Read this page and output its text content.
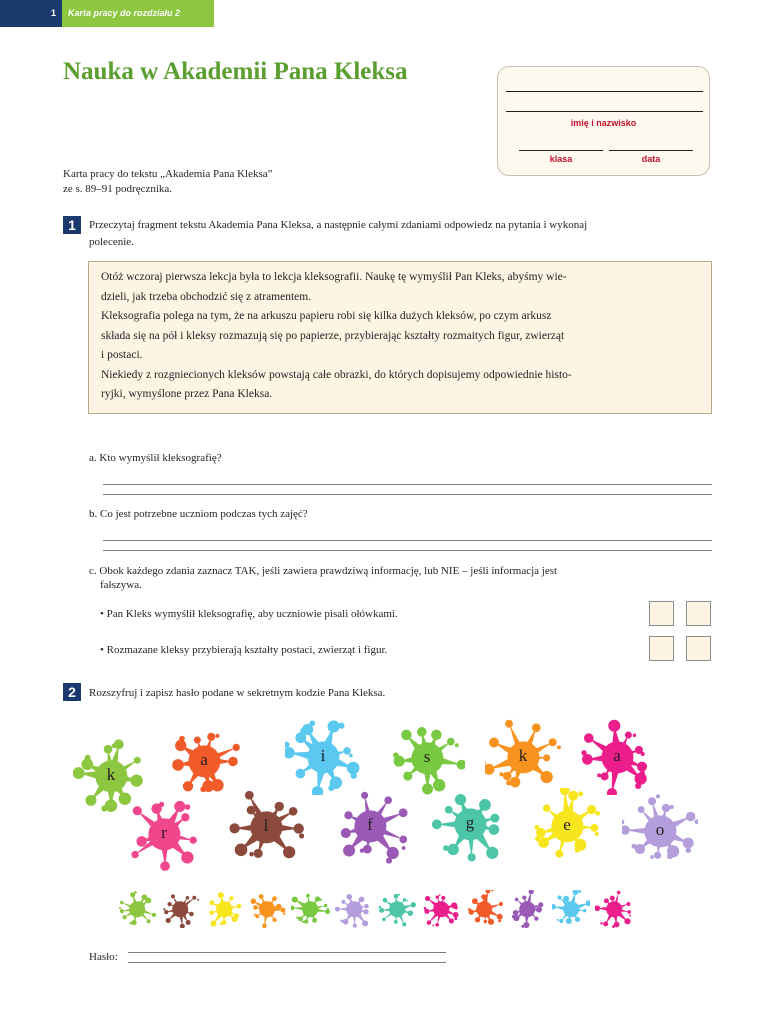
1 Karta pracy do rozdziału 2
Nauka w Akademii Pana Kleksa
imię i nazwisko
klasa	data
Karta pracy do tekstu „Akademia Pana Kleksa”
ze s. 89–91 podręcznika.
1	Przeczytaj fragment tekstu Akademia Pana Kleksa, a następnie całymi zdaniami odpowiedz na pytania i wykonaj
polecenie.
Otóż wczoraj pierwsza lekcja była to lekcja kleksografii. Naukę tę wymyślił Pan Kleks, abyśmy wie-
dzieli, jak trzeba obchodzić się z atramentem.
Kleksografia polega na tym, że na arkuszu papieru robi się kilka dużych kleksów, po czym arkusz
składa się na pół i kleksy rozmazują się po papierze, przybierając kształty rozmaitych figur, zwierząt
i postaci.
Niekiedy z rozgniecionych kleksów powstają całe obrazki, do których dopisujemy odpowiednie histo-
ryjki, wymyślone przez Pana Kleksa.
a. Kto wymyślił kleksografię?
b. Co jest potrzebne uczniom podczas tych zajęć?
c. Obok każdego zdania zaznacz TAK, jeśli zawiera prawdziwą informację, lub NIE – jeśli informacja jest
fałszywa.
• Pan Kleks wymyślił kleksografię, aby uczniowie pisali ołówkami.
• Rozmazane kleksy przybierają kształty postaci, zwierząt i figur.
2	Rozszyfruj i zapisz hasło podane w sekretnym kodzie Pana Kleksa.
Hasło:
k
a	i	s	k	a
r	l	f	g	e	o
